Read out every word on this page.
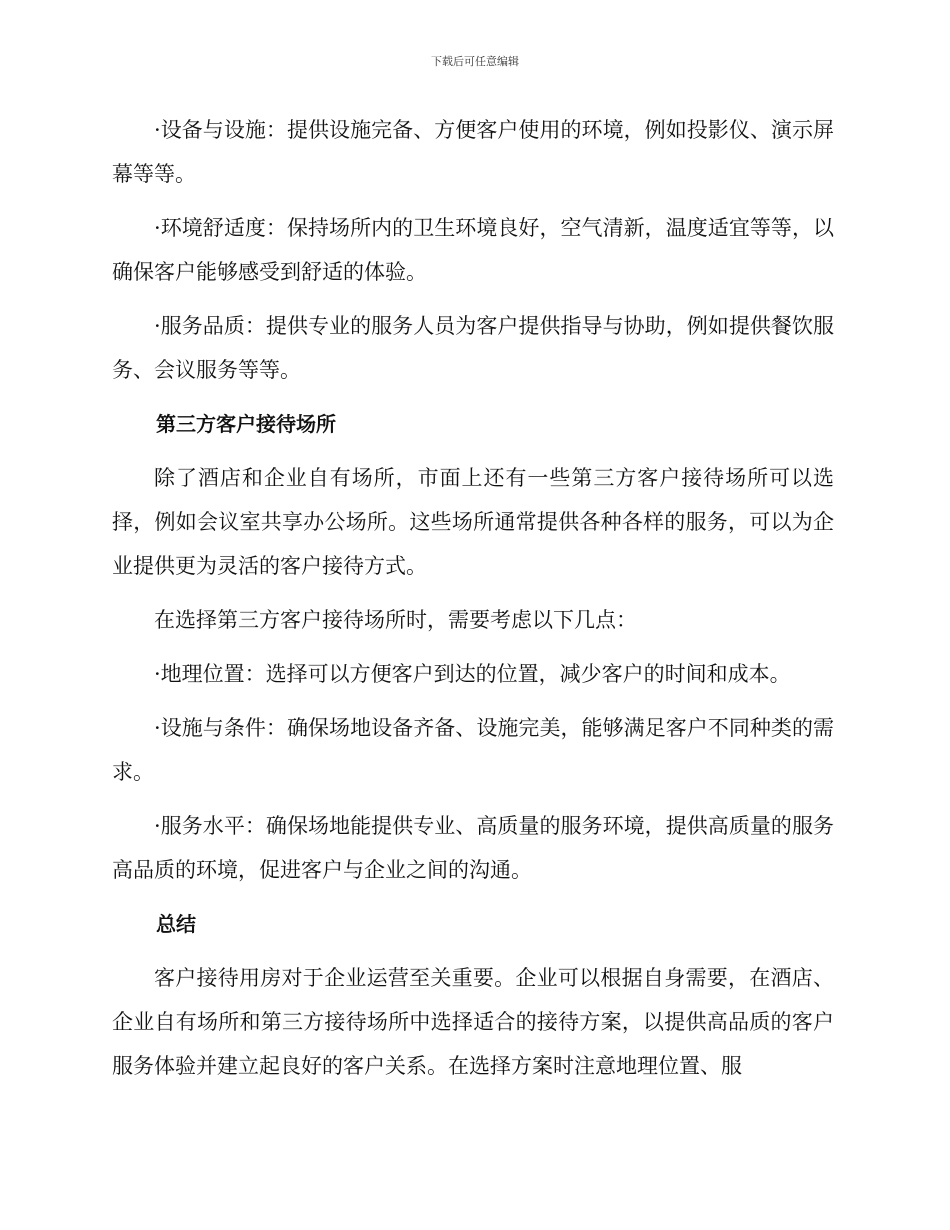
下载后可任意编辑

·设备与设施：提供设施完备、方便客户使用的环境，例如投影仪、演示屏幕等等。

·环境舒适度：保持场所内的卫生环境良好，空气清新，温度适宜等等，以确保客户能够感受到舒适的体验。

·服务品质：提供专业的服务人员为客户提供指导与协助，例如提供餐饮服务、会议服务等等。

第三方客户接待场所

除了酒店和企业自有场所，市面上还有一些第三方客户接待场所可以选择，例如会议室共享办公场所。这些场所通常提供各种各样的服务，可以为企业提供更为灵活的客户接待方式。

在选择第三方客户接待场所时，需要考虑以下几点：

·地理位置：选择可以方便客户到达的位置，减少客户的时间和成本。

·设施与条件：确保场地设备齐备、设施完美，能够满足客户不同种类的需求。

·服务水平：确保场地能提供专业、高质量的服务环境，提供高质量的服务高品质的环境，促进客户与企业之间的沟通。

总结

客户接待用房对于企业运营至关重要。企业可以根据自身需要，在酒店、企业自有场所和第三方接待场所中选择适合的接待方案，以提供高品质的客户服务体验并建立起良好的客户关系。在选择方案时注意地理位置、服
